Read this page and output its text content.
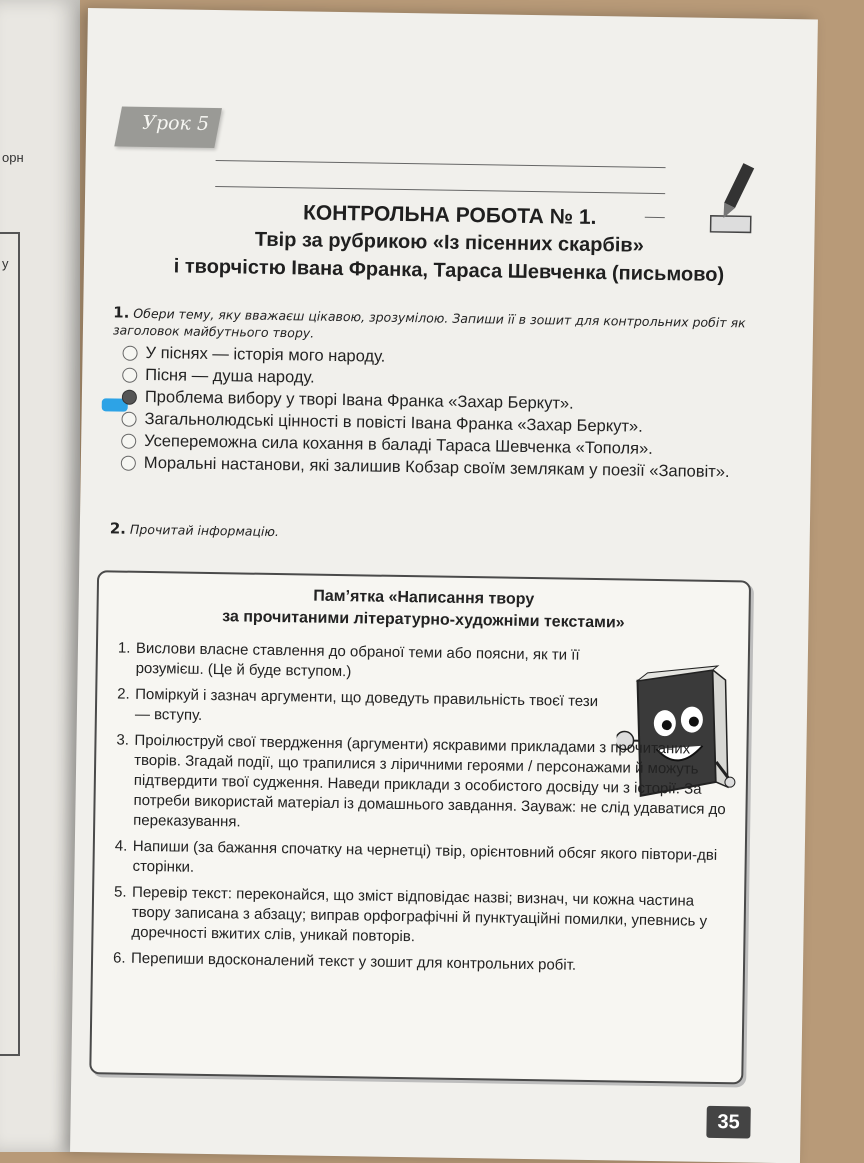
орн
у
Урок 5
КОНТРОЛЬНА РОБОТА № 1.
Твір за рубрикою «Із пісенних скарбів»
і творчістю Івана Франка, Тараса Шевченка (письмово)
1. Обери тему, яку вважаєш цікавою, зрозумілою. Запиши її в зошит для контрольних робіт як заголовок майбутнього твору.
У піснях — історія мого народу.
Пісня — душа народу.
Проблема вибору у творі Івана Франка «Захар Беркут».
Загальнолюдські цінності в повісті Івана Франка «Захар Беркут».
Усепереможна сила кохання в баладі Тараса Шевченка «Тополя».
Моральні настанови, які залишив Кобзар своїм землякам у поезії «Заповіт».
2. Прочитай інформацію.
Пам’ятка «Написання твору
за прочитаними літературно-художніми текстами»
1. Вислови власне ставлення до обраної теми або поясни, як ти її розумієш. (Це й буде вступом.)
2. Поміркуй і зазнач аргументи, що доведуть правильність твоєї тези — вступу.
3. Проілюструй свої твердження (аргументи) яскравими прикладами з прочитаних творів. Згадай події, що трапилися з ліричними героями / персонажами й можуть підтвердити твої судження. Наведи приклади з особистого досвіду чи з історії. За потреби використай матеріал із домашнього завдання. Зауваж: не слід удаватися до переказування.
4. Напиши (за бажання спочатку на чернетці) твір, орієнтовний обсяг якого півтори-дві сторінки.
5. Перевір текст: переконайся, що зміст відповідає назві; визнач, чи кожна частина твору записана з абзацу; виправ орфографічні й пунктуаційні помилки, упевнись у доречності вжитих слів, уникай повторів.
6. Перепиши вдосконалений текст у зошит для контрольних робіт.
35
